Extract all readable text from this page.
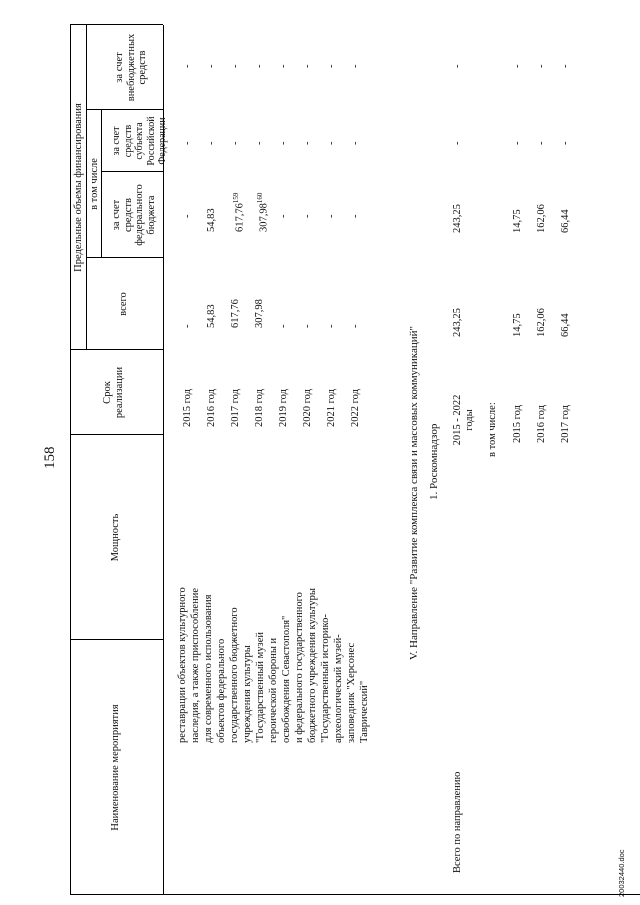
158
Наименование мероприятия
Мощность
Срок реализации
Предельные объемы финансирования
всего
за счет средств федерального бюджета
в том числе
за счет средств субъекта Российской Федерации
за счет внебюджетных средств
реставрации объектов культурного наследия, а также приспособление для современного использования объектов федерального государственного бюджетного учреждения культуры "Государственный музей героической обороны и освобождения Севастополя" и федерального государственного бюджетного учреждения культуры "Государственный историко- археологический музей- заповедник "Херсонес Таврический"
2015 год
-
-
-
-
2016 год
54,83
54,83
-
-
2017 год
617,76
617,76$^{159}$
-
-
2018 год
307,98
307,98$^{160}$
-
-
2019 год
-
-
-
-
2020 год
-
-
-
-
2021 год
-
-
-
-
2022 год
-
-
-
-
V. Направление "Развитие комплекса связи и массовых коммуникаций" 1. Роскомнадзор
Всего по направлению
2015 - 2022 годы
243,25
243,25
-
-
в том числе: 2015 год
14,75
14,75
-
-
2016 год
162,06
162,06
-
-
2017 год
66,44
66,44
-
-
20032440.doc
